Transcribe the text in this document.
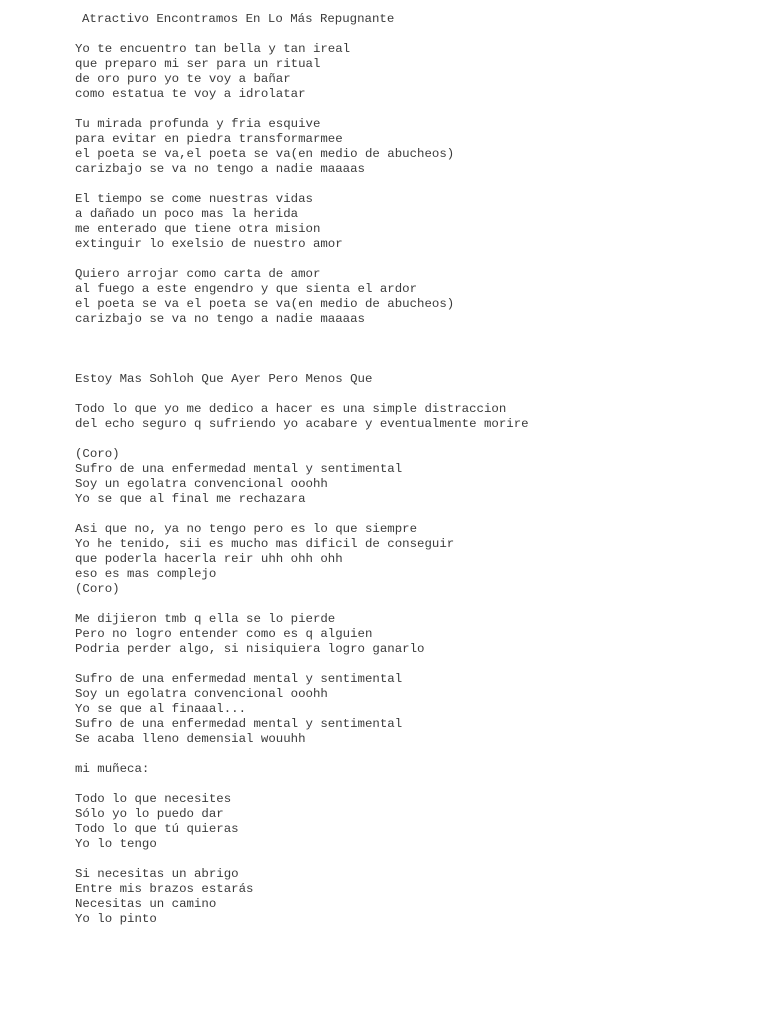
Atractivo Encontramos En Lo Más Repugnante
Yo te encuentro tan bella y tan ireal
que preparo mi ser para un ritual
de oro puro yo te voy a bañar
como estatua te voy a idrolatar
Tu mirada profunda y fria esquive
para evitar en piedra transformarmee
el poeta se va,el poeta se va(en medio de abucheos)
carizbajo se va no tengo a nadie maaaas
El tiempo se come nuestras vidas
a dañado un poco mas la herida
me enterado que tiene otra mision
extinguir lo exelsio de nuestro amor
Quiero arrojar como carta de amor
al fuego a este engendro y que sienta el ardor
el poeta se va el poeta se va(en medio de abucheos)
carizbajo se va no tengo a nadie maaaas
Estoy Mas Sohloh Que Ayer Pero Menos Que
Todo lo que yo me dedico a hacer es una simple distraccion
del echo seguro q sufriendo yo acabare y eventualmente morire
(Coro)
Sufro de una enfermedad mental y sentimental
Soy un egolatra convencional ooohh
Yo se que al final me rechazara
Asi que no, ya no tengo pero es lo que siempre
Yo he tenido, sii es mucho mas dificil de conseguir
que poderla hacerla reir uhh ohh ohh
eso es mas complejo
(Coro)
Me dijieron tmb q ella se lo pierde
Pero no logro entender como es q alguien
Podria perder algo, si nisiquiera logro ganarlo
Sufro de una enfermedad mental y sentimental
Soy un egolatra convencional ooohh
Yo se que al finaaal...
Sufro de una enfermedad mental y sentimental
Se acaba lleno demensial wouuhh
mi muñeca:
Todo lo que necesites
Sólo yo lo puedo dar
Todo lo que tú quieras
Yo lo tengo
Si necesitas un abrigo
Entre mis brazos estarás
Necesitas un camino
Yo lo pinto
